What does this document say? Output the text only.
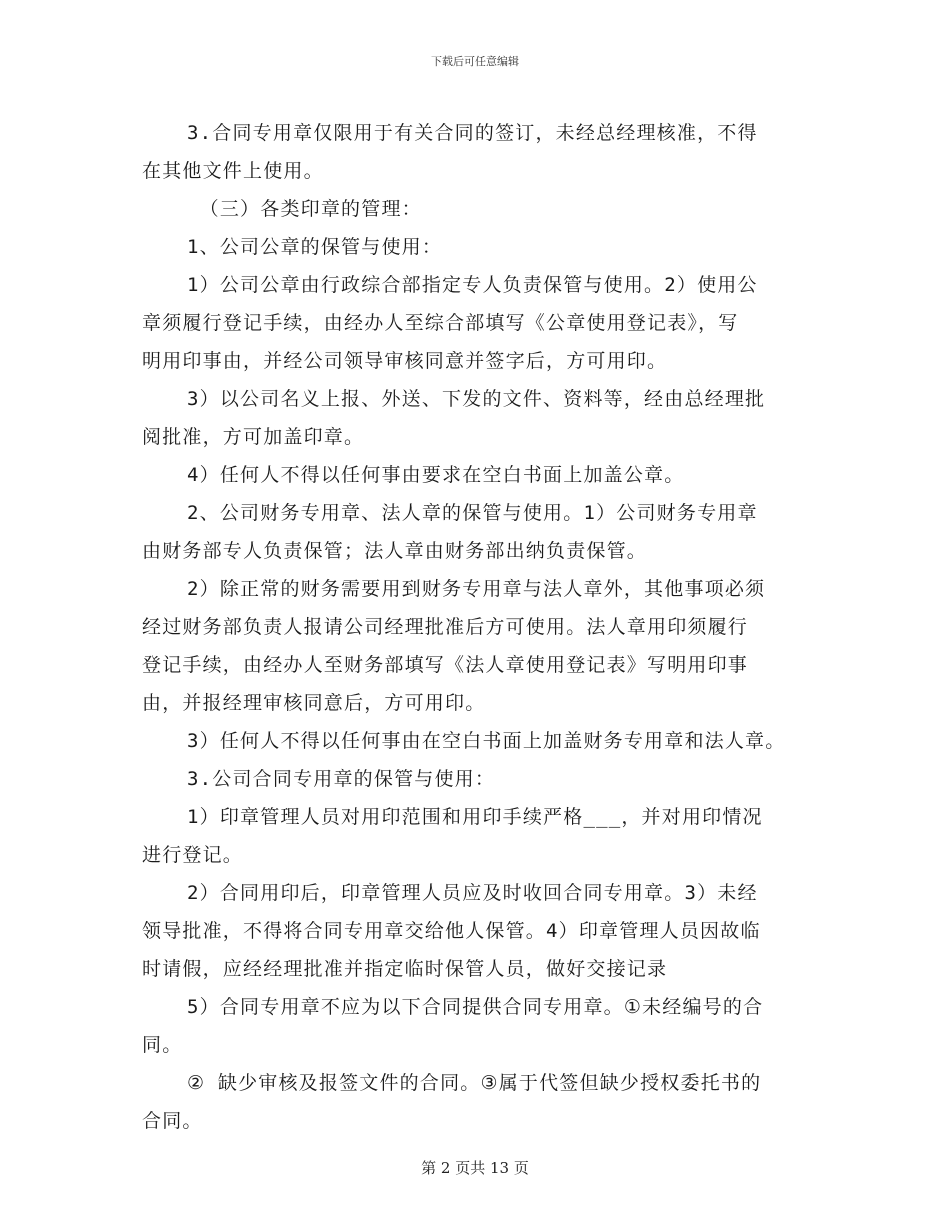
下载后可任意编辑
3.合同专用章仅限用于有关合同的签订，未经总经理核准，不得
在其他文件上使用。
（三）各类印章的管理：
1、公司公章的保管与使用：
1）公司公章由行政综合部指定专人负责保管与使用。2）使用公
章须履行登记手续，由经办人至综合部填写《公章使用登记表》，写
明用印事由，并经公司领导审核同意并签字后，方可用印。
3）以公司名义上报、外送、下发的文件、资料等，经由总经理批
阅批准，方可加盖印章。
4）任何人不得以任何事由要求在空白书面上加盖公章。
2、公司财务专用章、法人章的保管与使用。1）公司财务专用章
由财务部专人负责保管；法人章由财务部出纳负责保管。
2）除正常的财务需要用到财务专用章与法人章外，其他事项必须
经过财务部负责人报请公司经理批准后方可使用。法人章用印须履行
登记手续，由经办人至财务部填写《法人章使用登记表》写明用印事
由，并报经理审核同意后，方可用印。
3）任何人不得以任何事由在空白书面上加盖财务专用章和法人章。
3.公司合同专用章的保管与使用：
1）印章管理人员对用印范围和用印手续严格___，并对用印情况
进行登记。
2）合同用印后，印章管理人员应及时收回合同专用章。3）未经
领导批准，不得将合同专用章交给他人保管。4）印章管理人员因故临
时请假，应经经理批准并指定临时保管人员，做好交接记录
5）合同专用章不应为以下合同提供合同专用章。①未经编号的合
同。
② 缺少审核及报签文件的合同。③属于代签但缺少授权委托书的
合同。
第 2 页共 13 页
